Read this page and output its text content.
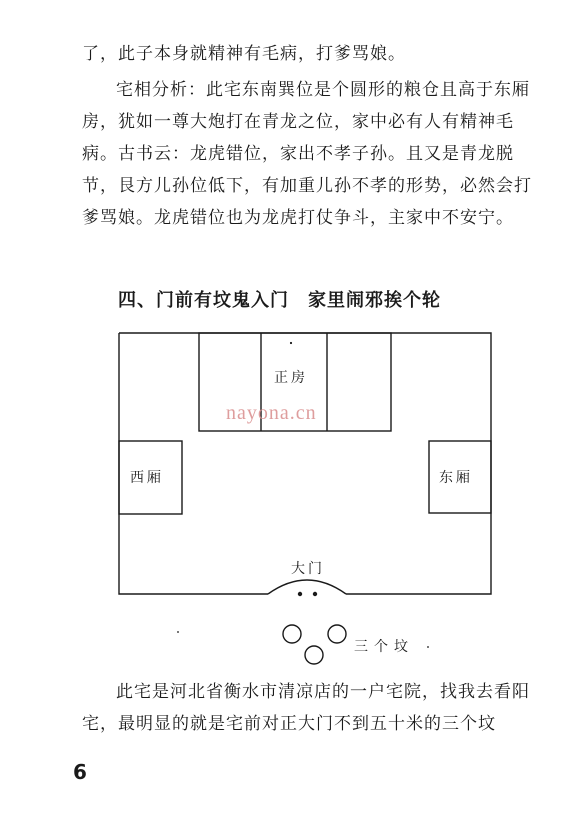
了，此子本身就精神有毛病，打爹骂娘。

宅相分析：此宅东南巽位是个圆形的粮仓且高于东厢房，犹如一尊大炮打在青龙之位，家中必有人有精神毛病。古书云：龙虎错位，家出不孝子孙。且又是青龙脱节，艮方儿孙位低下，有加重儿孙不孝的形势，必然会打爹骂娘。龙虎错位也为龙虎打仗争斗，主家中不安宁。

四、门前有坟鬼入门　家里闹邪挨个轮
正房
西厢	东厢
大门
三个坟
nayona.cn

此宅是河北省衡水市清凉店的一户宅院，找我去看阳宅，最明显的就是宅前对正大门不到五十米的三个坟

6
